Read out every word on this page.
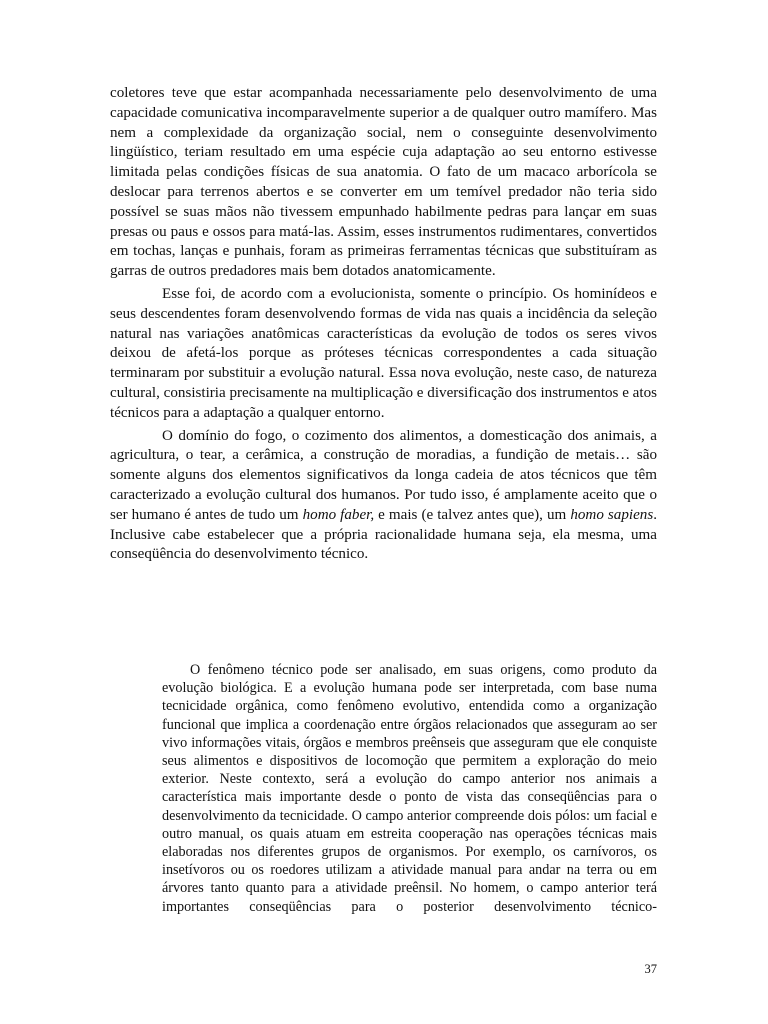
coletores teve que estar acompanhada necessariamente pelo desenvolvimento de uma capacidade comunicativa incomparavelmente superior a de qualquer outro mamífero. Mas nem a complexidade da organização social, nem o conseguinte desenvolvimento lingüístico, teriam resultado em uma espécie cuja adaptação ao seu entorno estivesse limitada pelas condições físicas de sua anatomia. O fato de um macaco arborícola se deslocar para terrenos abertos e se converter em um temível predador não teria sido possível se suas mãos não tivessem empunhado habilmente pedras para lançar em suas presas ou paus e ossos para matá-las. Assim, esses instrumentos rudimentares, convertidos em tochas, lanças e punhais, foram as primeiras ferramentas técnicas que substituíram as garras de outros predadores mais bem dotados anatomicamente.

Esse foi, de acordo com a evolucionista, somente o princípio. Os hominídeos e seus descendentes foram desenvolvendo formas de vida nas quais a incidência da seleção natural nas variações anatômicas características da evolução de todos os seres vivos deixou de afetá-los porque as próteses técnicas correspondentes a cada situação terminaram por substituir a evolução natural. Essa nova evolução, neste caso, de natureza cultural, consistiria precisamente na multiplicação e diversificação dos instrumentos e atos técnicos para a adaptação a qualquer entorno.

O domínio do fogo, o cozimento dos alimentos, a domesticação dos animais, a agricultura, o tear, a cerâmica, a construção de moradias, a fundição de metais… são somente alguns dos elementos significativos da longa cadeia de atos técnicos que têm caracterizado a evolução cultural dos humanos. Por tudo isso, é amplamente aceito que o ser humano é antes de tudo um homo faber, e mais (e talvez antes que), um homo sapiens. Inclusive cabe estabelecer que a própria racionalidade humana seja, ela mesma, uma conseqüência do desenvolvimento técnico.

O fenômeno técnico pode ser analisado, em suas origens, como produto da evolução biológica. E a evolução humana pode ser interpretada, com base numa tecnicidade orgânica, como fenômeno evolutivo, entendida como a organização funcional que implica a coordenação entre órgãos relacionados que asseguram ao ser vivo informações vitais, órgãos e membros preênseis que asseguram que ele conquiste seus alimentos e dispositivos de locomoção que permitem a exploração do meio exterior. Neste contexto, será a evolução do campo anterior nos animais a característica mais importante desde o ponto de vista das conseqüências para o desenvolvimento da tecnicidade. O campo anterior compreende dois pólos: um facial e outro manual, os quais atuam em estreita cooperação nas operações técnicas mais elaboradas nos diferentes grupos de organismos. Por exemplo, os carnívoros, os insetívoros ou os roedores utilizam a atividade manual para andar na terra ou em árvores tanto quanto para a atividade preênsil. No homem, o campo anterior terá importantes conseqüências para o posterior desenvolvimento técnico-

37
